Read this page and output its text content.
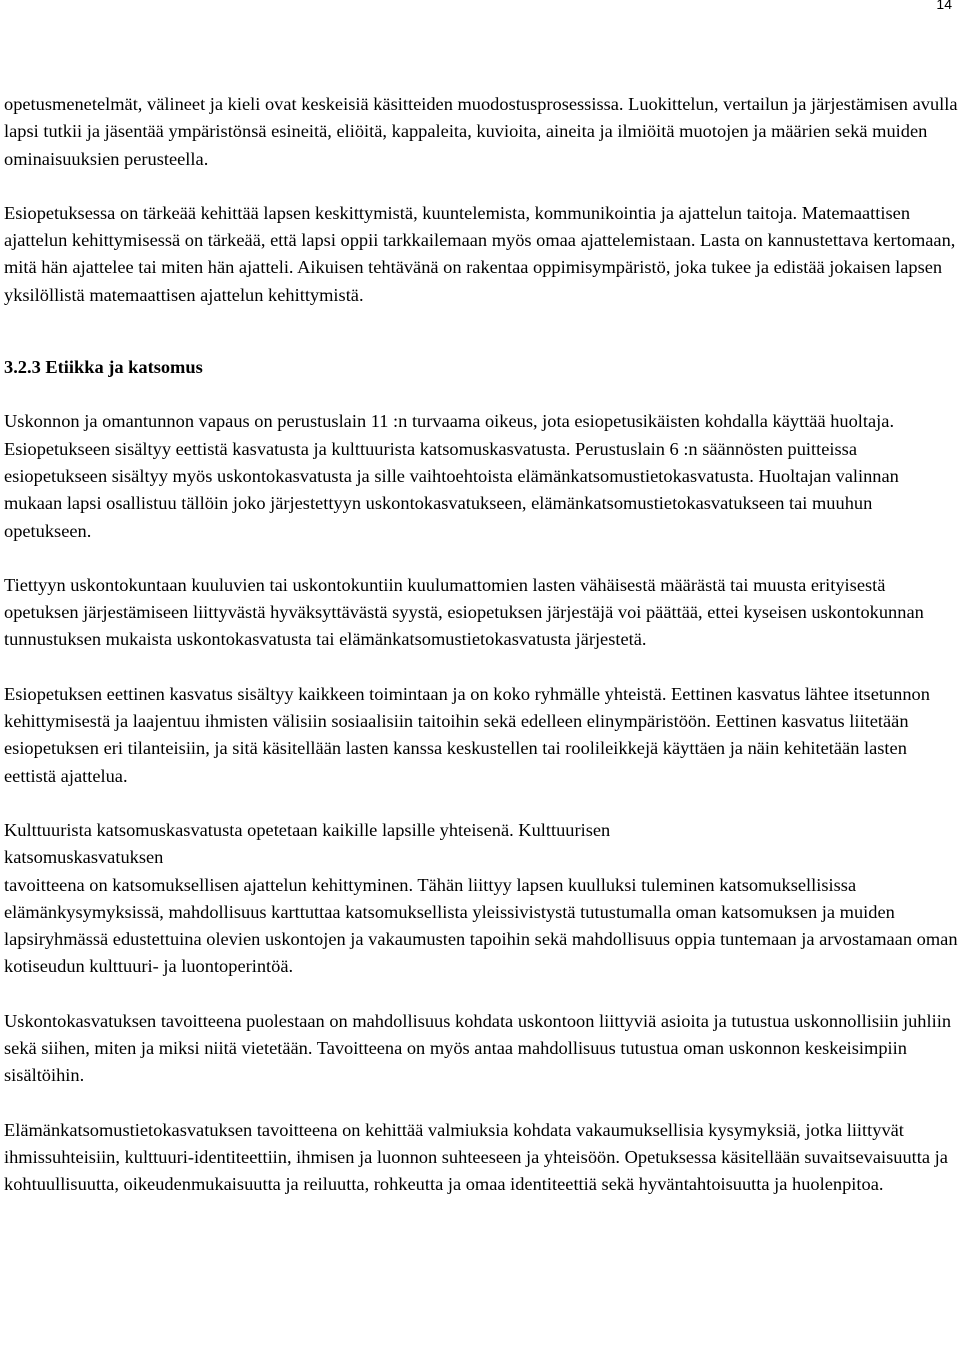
14

opetusmenetelmät, välineet ja kieli ovat keskeisiä käsitteiden muodostusprosessissa. Luokittelun, vertailun ja järjestämisen avulla lapsi tutkii ja jäsentää ympäristönsä esineitä, eliöitä, kappaleita, kuvioita, aineita ja ilmiöitä muotojen ja määrien sekä muiden ominaisuuksien perusteella.

Esiopetuksessa on tärkeää kehittää lapsen keskittymistä, kuuntelemista, kommunikointia ja ajattelun taitoja. Matemaattisen ajattelun kehittymisessä on tärkeää, että lapsi oppii tarkkailemaan myös omaa ajattelemistaan. Lasta on kannustettava kertomaan, mitä hän ajattelee tai miten hän ajatteli. Aikuisen tehtävänä on rakentaa oppimisympäristö, joka tukee ja edistää jokaisen lapsen yksilöllistä matemaattisen ajattelun kehittymistä.

3.2.3 Etiikka ja katsomus

Uskonnon ja omantunnon vapaus on perustuslain 11 :n turvaama oikeus, jota esiopetusikäisten kohdalla käyttää huoltaja. Esiopetukseen sisältyy eettistä kasvatusta ja kulttuurista katsomuskasvatusta. Perustuslain 6 :n säännösten puitteissa esiopetukseen sisältyy myös uskontokasvatusta ja sille vaihtoehtoista elämänkatsomustietokasvatusta. Huoltajan valinnan mukaan lapsi osallistuu tällöin joko järjestettyyn uskontokasvatukseen, elämänkatsomustietokasvatukseen tai muuhun opetukseen.

Tiettyyn uskontokuntaan kuuluvien tai uskontokuntiin kuulumattomien lasten vähäisestä määrästä tai muusta erityisestä opetuksen järjestämiseen liittyvästä hyväksyttävästä syystä, esiopetuksen järjestäjä voi päättää, ettei kyseisen uskontokunnan tunnustuksen mukaista uskontokasvatusta tai elämänkatsomustietokasvatusta järjestetä.

Esiopetuksen eettinen kasvatus sisältyy kaikkeen toimintaan ja on koko ryhmälle yhteistä. Eettinen kasvatus lähtee itsetunnon kehittymisestä ja laajentuu ihmisten välisiin sosiaalisiin taitoihin sekä edelleen elinympäristöön. Eettinen kasvatus liitetään esiopetuksen eri tilanteisiin, ja sitä käsitellään lasten kanssa keskustellen tai roolileikkejä käyttäen ja näin kehitetään lasten eettistä ajattelua.

Kulttuurista katsomuskasvatusta opetetaan kaikille lapsille yhteisenä. Kulttuurisen

katsomuskasvatuksen

tavoitteena on katsomuksellisen ajattelun kehittyminen. Tähän liittyy lapsen kuulluksi tuleminen katsomuksellisissa elämänkysymyksissä, mahdollisuus karttuttaa katsomuksellista yleissivistystä tutustumalla oman katsomuksen ja muiden lapsiryhmässä edustettuina olevien uskontojen ja vakaumusten tapoihin sekä mahdollisuus oppia tuntemaan ja arvostamaan oman kotiseudun kulttuuri- ja luontoperintöä.

Uskontokasvatuksen tavoitteena puolestaan on mahdollisuus kohdata uskontoon liittyviä asioita ja tutustua uskonnollisiin juhliin sekä siihen, miten ja miksi niitä vietetään. Tavoitteena on myös antaa mahdollisuus tutustua oman uskonnon keskeisimpiin sisältöihin.

Elämänkatsomustietokasvatuksen tavoitteena on kehittää valmiuksia kohdata vakaumuksellisia kysymyksiä, jotka liittyvät ihmissuhteisiin, kulttuuri-identiteettiin, ihmisen ja luonnon suhteeseen ja yhteisöön. Opetuksessa käsitellään suvaitsevaisuutta ja kohtuullisuutta, oikeudenmukaisuutta ja reiluutta, rohkeutta ja omaa identiteettiä sekä hyväntahtoisuutta ja huolenpitoa.
